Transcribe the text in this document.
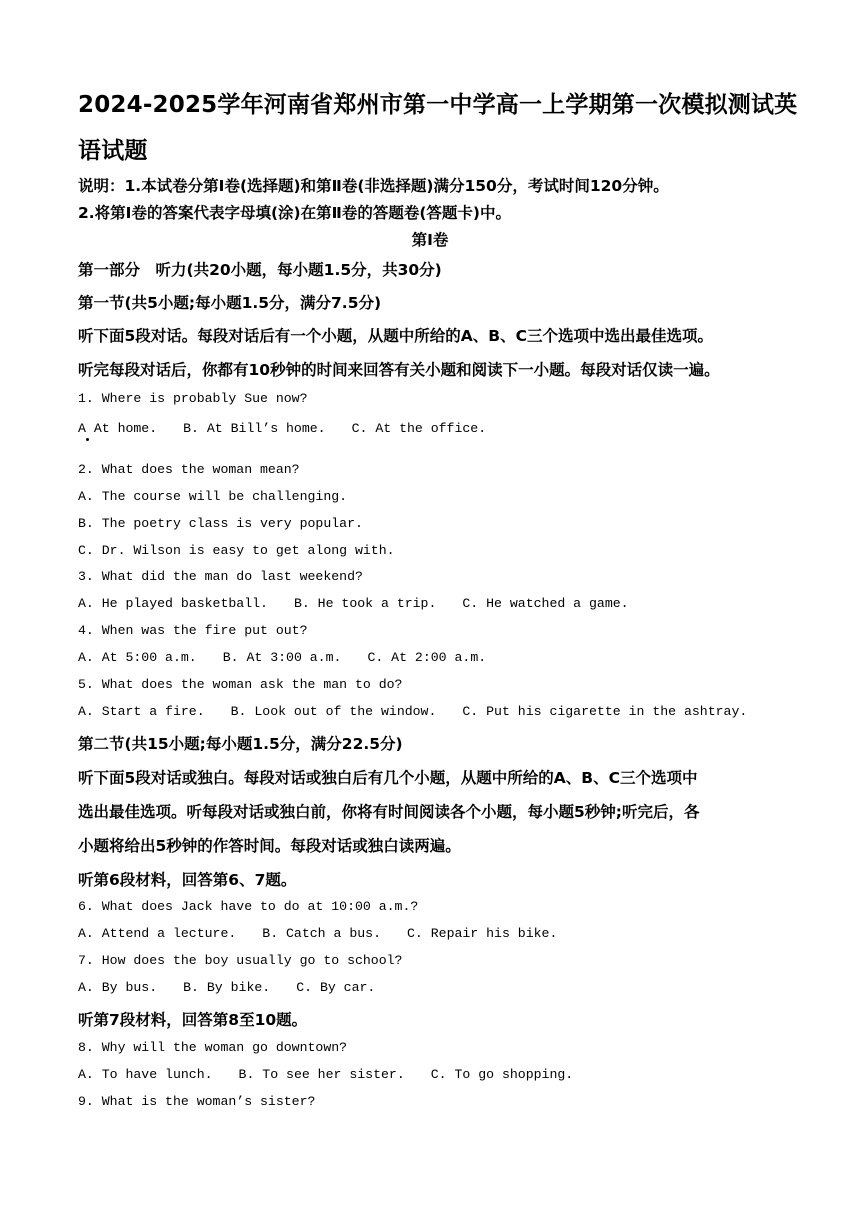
2024-2025学年河南省郑州市第一中学高一上学期第一次模拟测试英
语试题
说明：1.本试卷分第Ⅰ卷(选择题)和第Ⅱ卷(非选择题)满分150分，考试时间120分钟。
2.将第Ⅰ卷的答案代表字母填(涂)在第Ⅱ卷的答题卷(答题卡)中。
第Ⅰ卷
第一部分　听力(共20小题，每小题1.5分，共30分)
第一节(共5小题;每小题1.5分，满分7.5分)
听下面5段对话。每段对话后有一个小题，从题中所给的A、B、C三个选项中选出最佳选项。
听完每段对话后，你都有10秒钟的时间来回答有关小题和阅读下一小题。每段对话仅读一遍。
1. Where is probably Sue now?
A At home. B. At Bill’s home. C. At the office.
2. What does the woman mean?
A. The course will be challenging.
B. The poetry class is very popular.
C. Dr. Wilson is easy to get along with.
3. What did the man do last weekend?
A. He played basketball. B. He took a trip. C. He watched a game.
4. When was the fire put out?
A. At 5:00 a.m. B. At 3:00 a.m. C. At 2:00 a.m.
5. What does the woman ask the man to do?
A. Start a fire. B. Look out of the window. C. Put his cigarette in the ashtray.
第二节(共15小题;每小题1.5分，满分22.5分)
听下面5段对话或独白。每段对话或独白后有几个小题，从题中所给的A、B、C三个选项中
选出最佳选项。听每段对话或独白前，你将有时间阅读各个小题，每小题5秒钟;听完后，各
小题将给出5秒钟的作答时间。每段对话或独白读两遍。
听第6段材料，回答第6、7题。
6. What does Jack have to do at 10:00 a.m.?
A. Attend a lecture. B. Catch a bus. C. Repair his bike.
7. How does the boy usually go to school?
A. By bus. B. By bike. C. By car.
听第7段材料，回答第8至10题。
8. Why will the woman go downtown?
A. To have lunch. B. To see her sister. C. To go shopping.
9. What is the woman’s sister?
